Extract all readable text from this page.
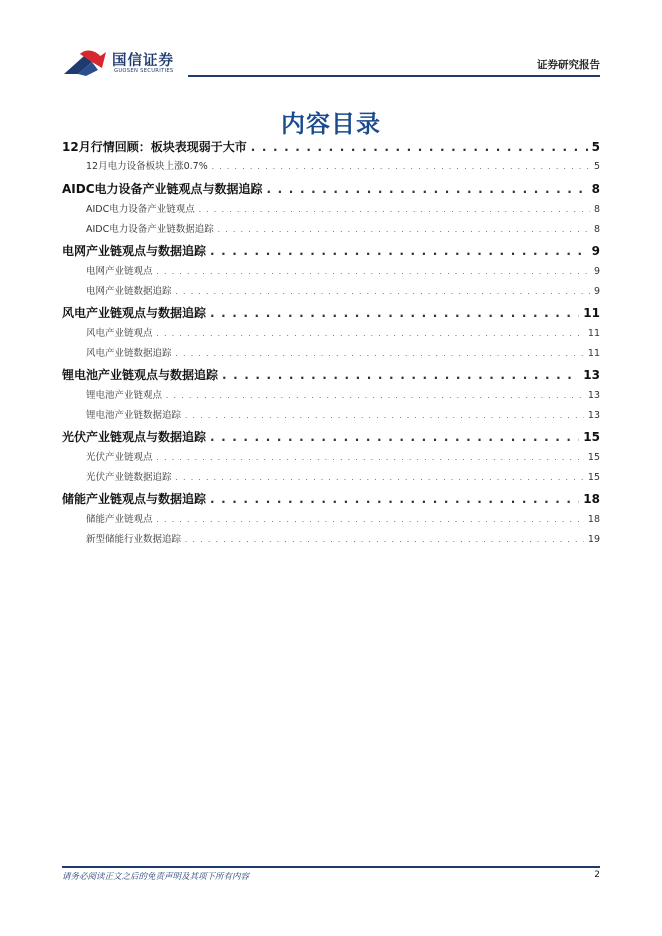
国信证券
GUOSEN SECURITIES	证券研究报告
内容目录
12月行情回顾：板块表现弱于大市 . . .	5
12月电力设备板块上涨0.7% . . .	5
AIDC电力设备产业链观点与数据追踪 . . .	8
AIDC电力设备产业链观点 . . .	8
AIDC电力设备产业链数据追踪 . . .	8
电网产业链观点与数据追踪 . . .	9
电网产业链观点 . . .	9
电网产业链数据追踪 . . .	9
风电产业链观点与数据追踪 . . .	11
风电产业链观点 . . .	11
风电产业链数据追踪 . . .	11
锂电池产业链观点与数据追踪 . . .	13
锂电池产业链观点 . . .	13
锂电池产业链数据追踪 . . .	13
光伏产业链观点与数据追踪 . . .	15
光伏产业链观点 . . .	15
光伏产业链数据追踪 . . .	15
储能产业链观点与数据追踪 . . .	18
储能产业链观点 . . .	18
新型储能行业数据追踪 . . .	19
请务必阅读正文之后的免责声明及其项下所有内容	2
